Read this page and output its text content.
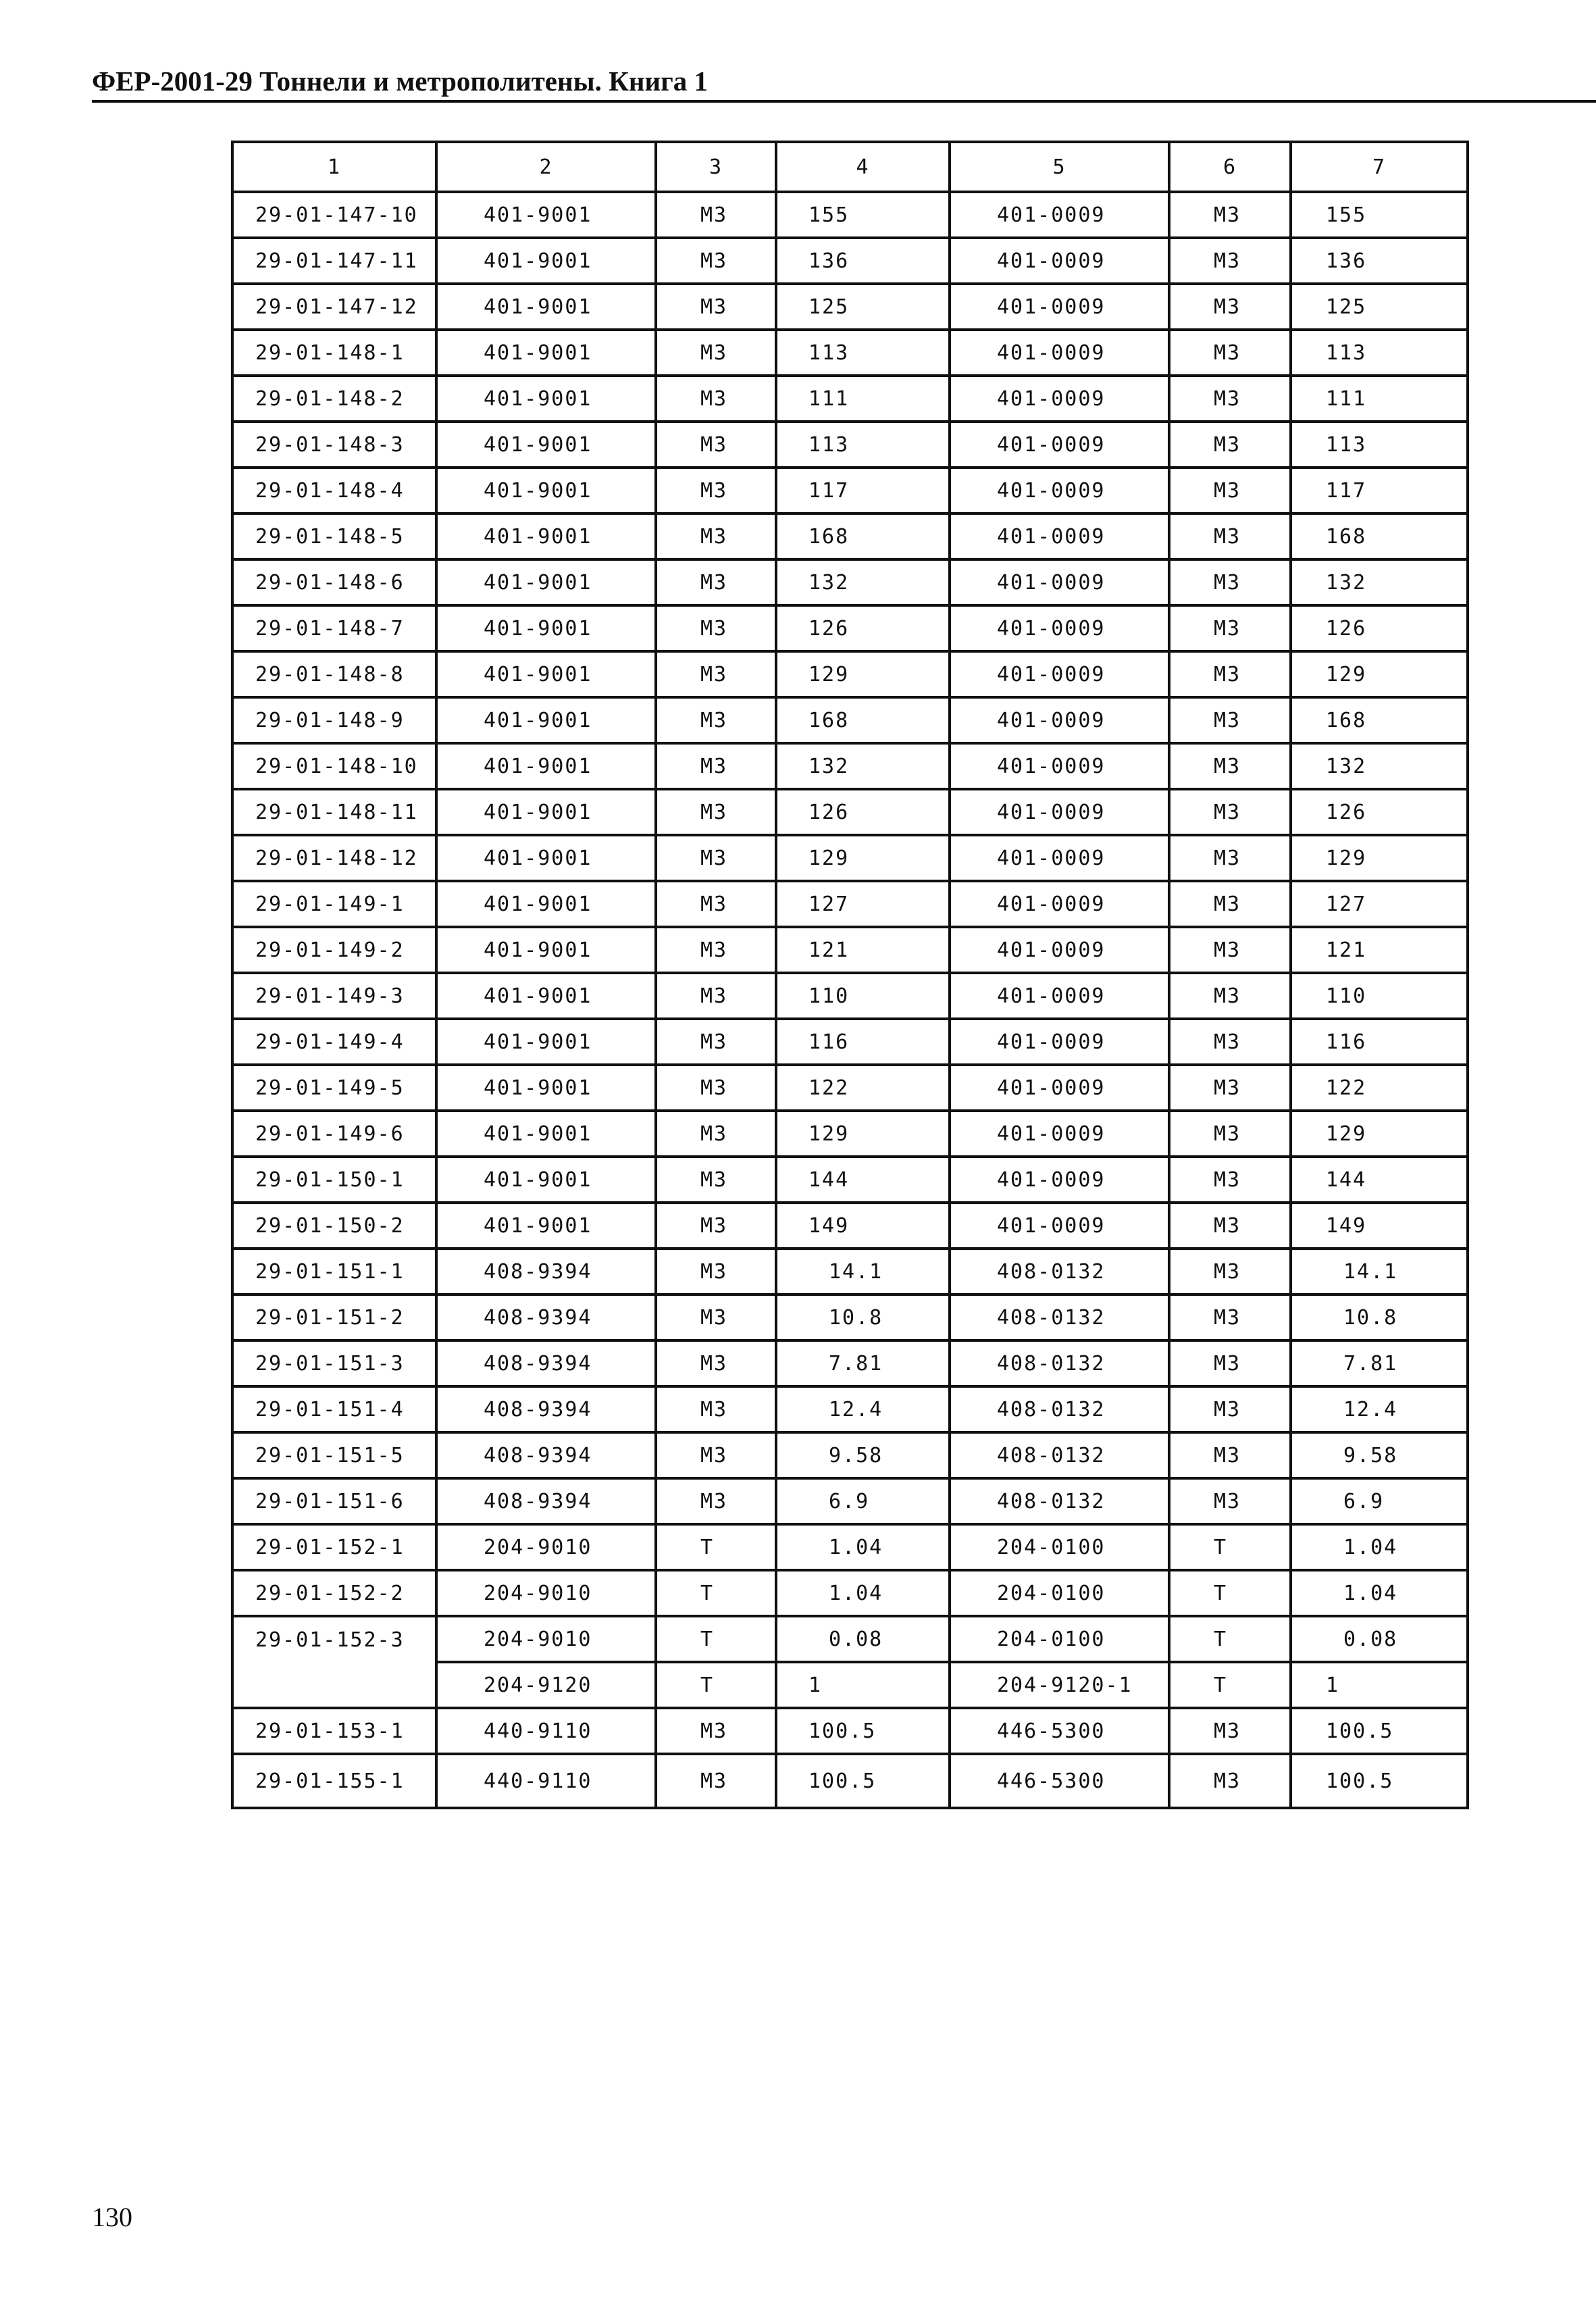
ФЕР-2001-29 Тоннели и метрополитены. Книга 1
1	2	3	4	5	6	7
29-01-147-10	401-9001	М3	155	401-0009	М3	155
29-01-147-11	401-9001	М3	136	401-0009	М3	136
29-01-147-12	401-9001	М3	125	401-0009	М3	125
29-01-148-1	401-9001	М3	113	401-0009	М3	113
29-01-148-2	401-9001	М3	111	401-0009	М3	111
29-01-148-3	401-9001	М3	113	401-0009	М3	113
29-01-148-4	401-9001	М3	117	401-0009	М3	117
29-01-148-5	401-9001	М3	168	401-0009	М3	168
29-01-148-6	401-9001	М3	132	401-0009	М3	132
29-01-148-7	401-9001	М3	126	401-0009	М3	126
29-01-148-8	401-9001	М3	129	401-0009	М3	129
29-01-148-9	401-9001	М3	168	401-0009	М3	168
29-01-148-10	401-9001	М3	132	401-0009	М3	132
29-01-148-11	401-9001	М3	126	401-0009	М3	126
29-01-148-12	401-9001	М3	129	401-0009	М3	129
29-01-149-1	401-9001	М3	127	401-0009	М3	127
29-01-149-2	401-9001	М3	121	401-0009	М3	121
29-01-149-3	401-9001	М3	110	401-0009	М3	110
29-01-149-4	401-9001	М3	116	401-0009	М3	116
29-01-149-5	401-9001	М3	122	401-0009	М3	122
29-01-149-6	401-9001	М3	129	401-0009	М3	129
29-01-150-1	401-9001	М3	144	401-0009	М3	144
29-01-150-2	401-9001	М3	149	401-0009	М3	149
29-01-151-1	408-9394	М3	14.1	408-0132	М3	14.1
29-01-151-2	408-9394	М3	10.8	408-0132	М3	10.8
29-01-151-3	408-9394	М3	7.81	408-0132	М3	7.81
29-01-151-4	408-9394	М3	12.4	408-0132	М3	12.4
29-01-151-5	408-9394	М3	9.58	408-0132	М3	9.58
29-01-151-6	408-9394	М3	6.9	408-0132	М3	6.9
29-01-152-1	204-9010	Т	1.04	204-0100	Т	1.04
29-01-152-2	204-9010	Т	1.04	204-0100	Т	1.04
29-01-152-3	204-9010	Т	0.08	204-0100	Т	0.08
	204-9120	Т	1	204-9120-1	Т	1
29-01-153-1	440-9110	М3	100.5	446-5300	М3	100.5
29-01-155-1	440-9110	М3	100.5	446-5300	М3	100.5
130
